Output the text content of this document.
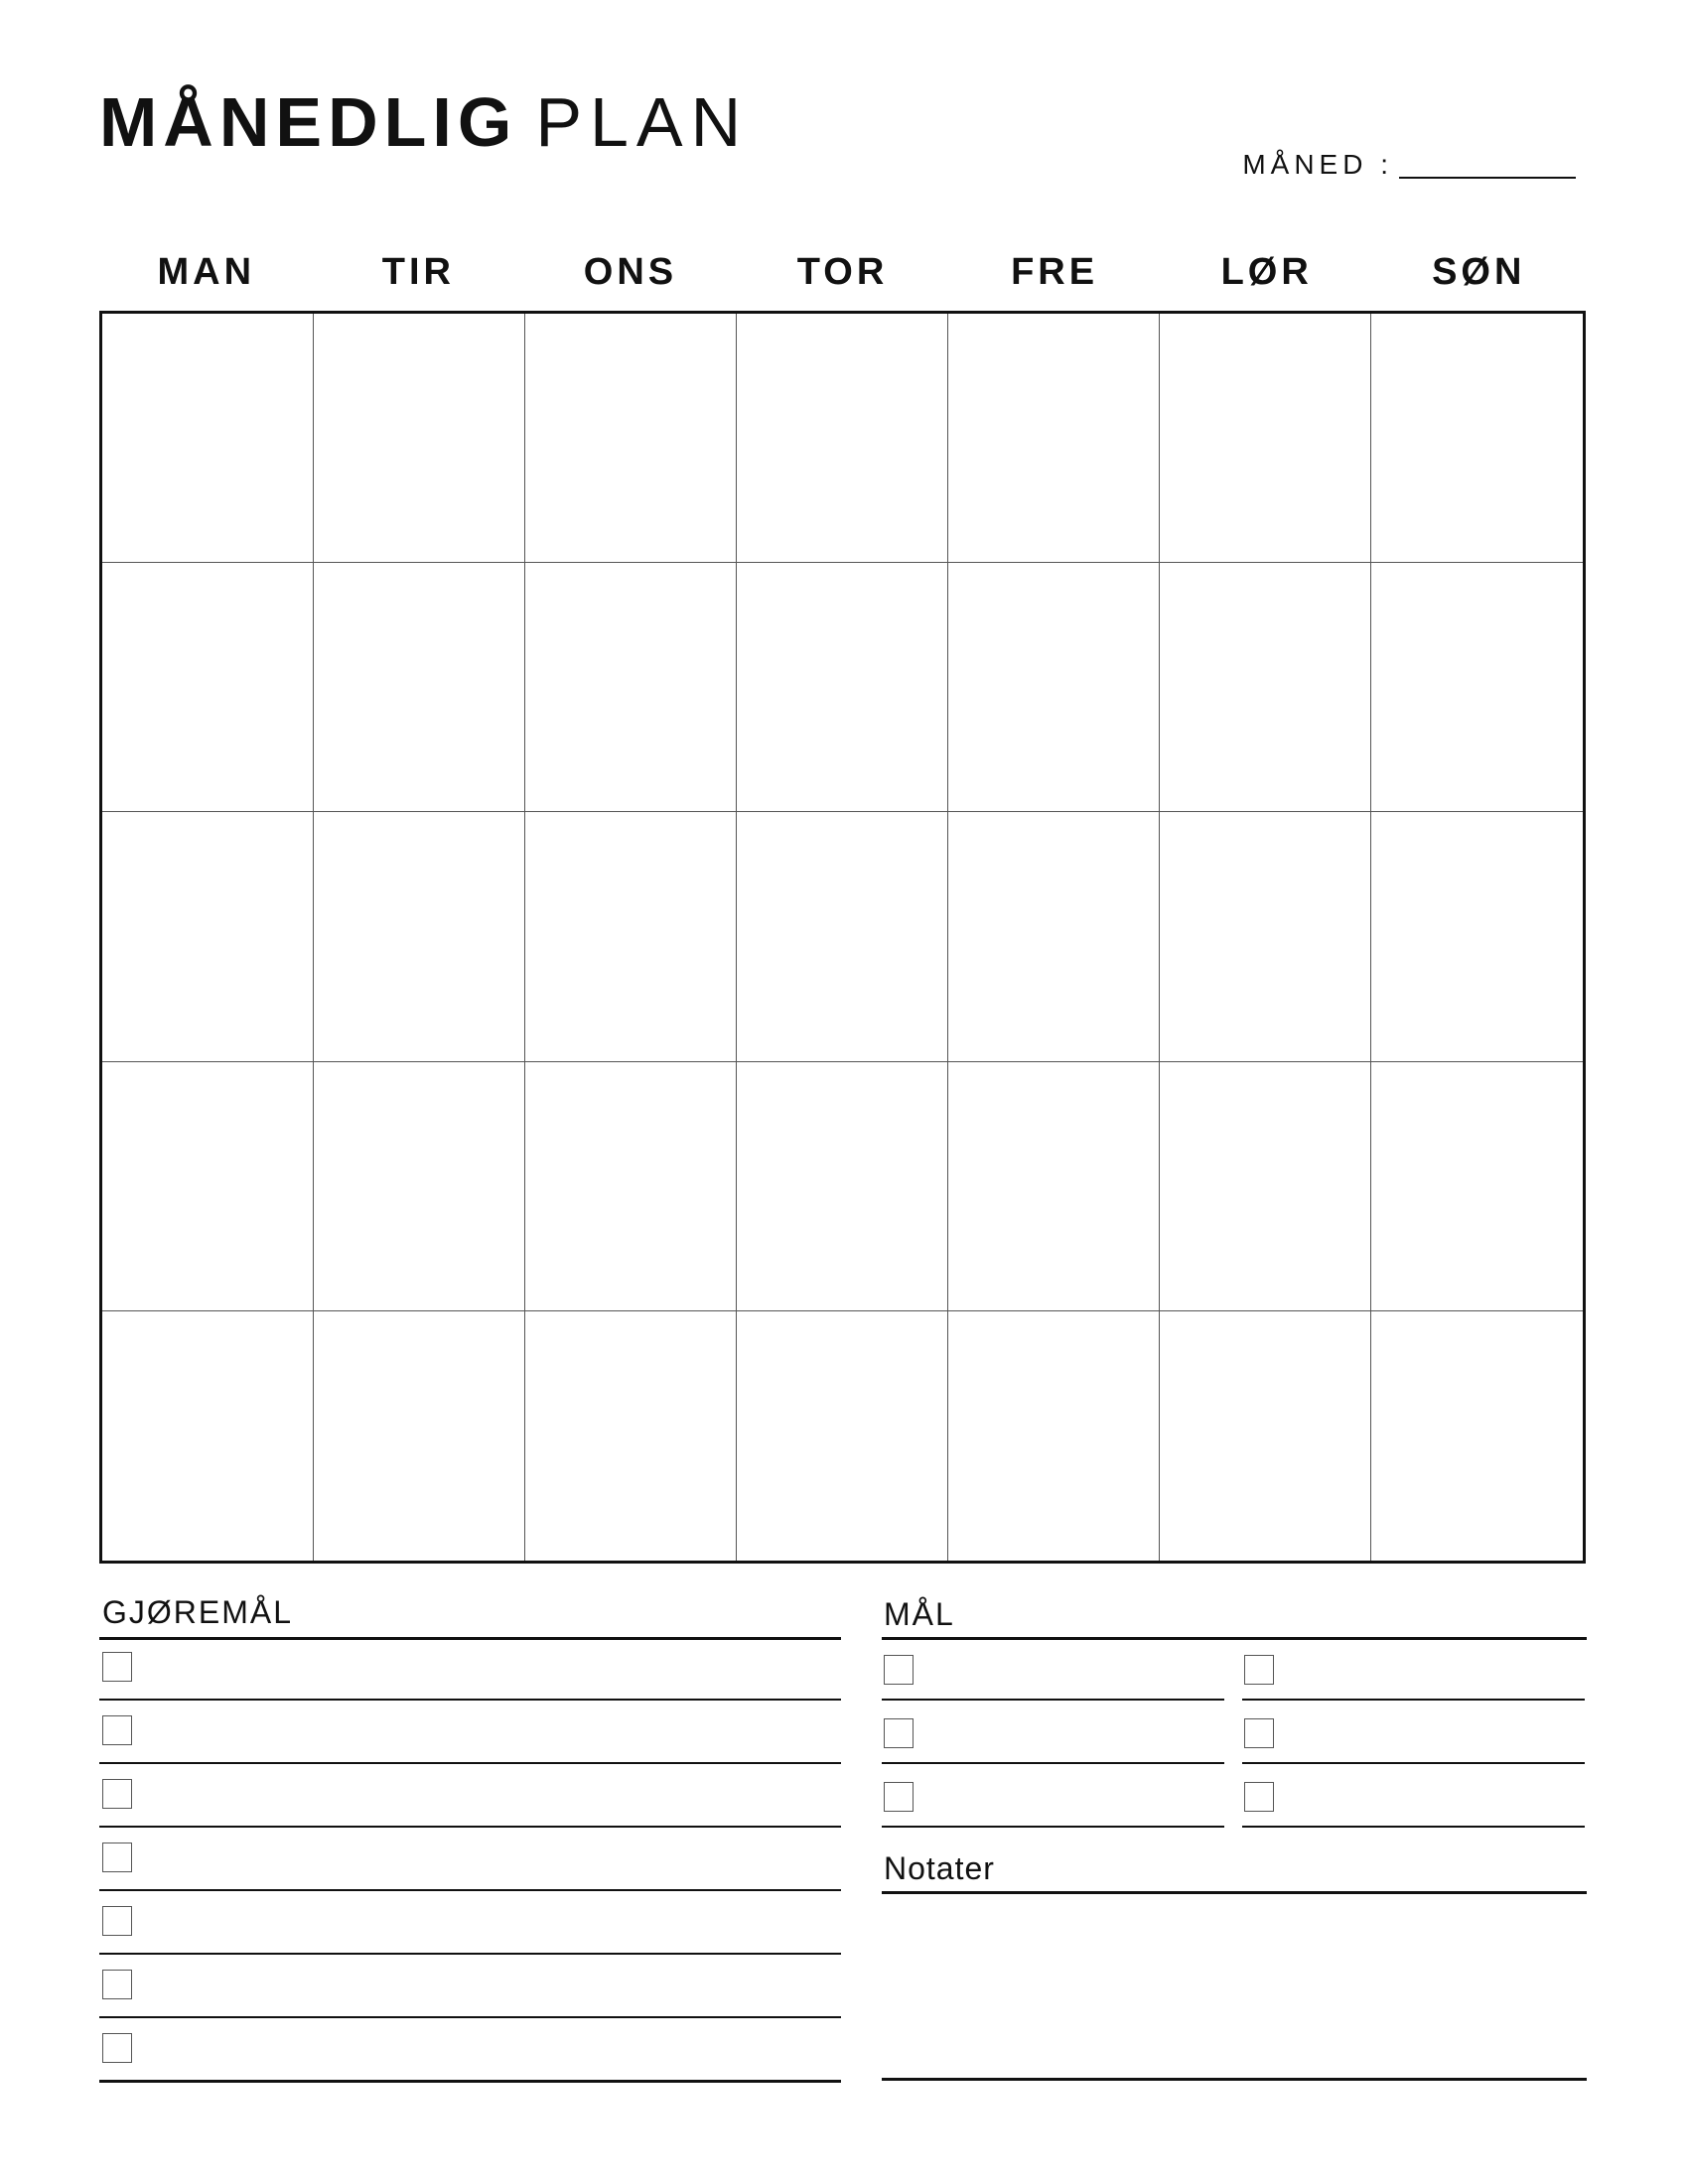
MÅNEDLIG PLAN
MÅNED :
MAN	TIR	ONS	TOR	FRE	LØR	SØN
GJØREMÅL	MÅL
Notater
